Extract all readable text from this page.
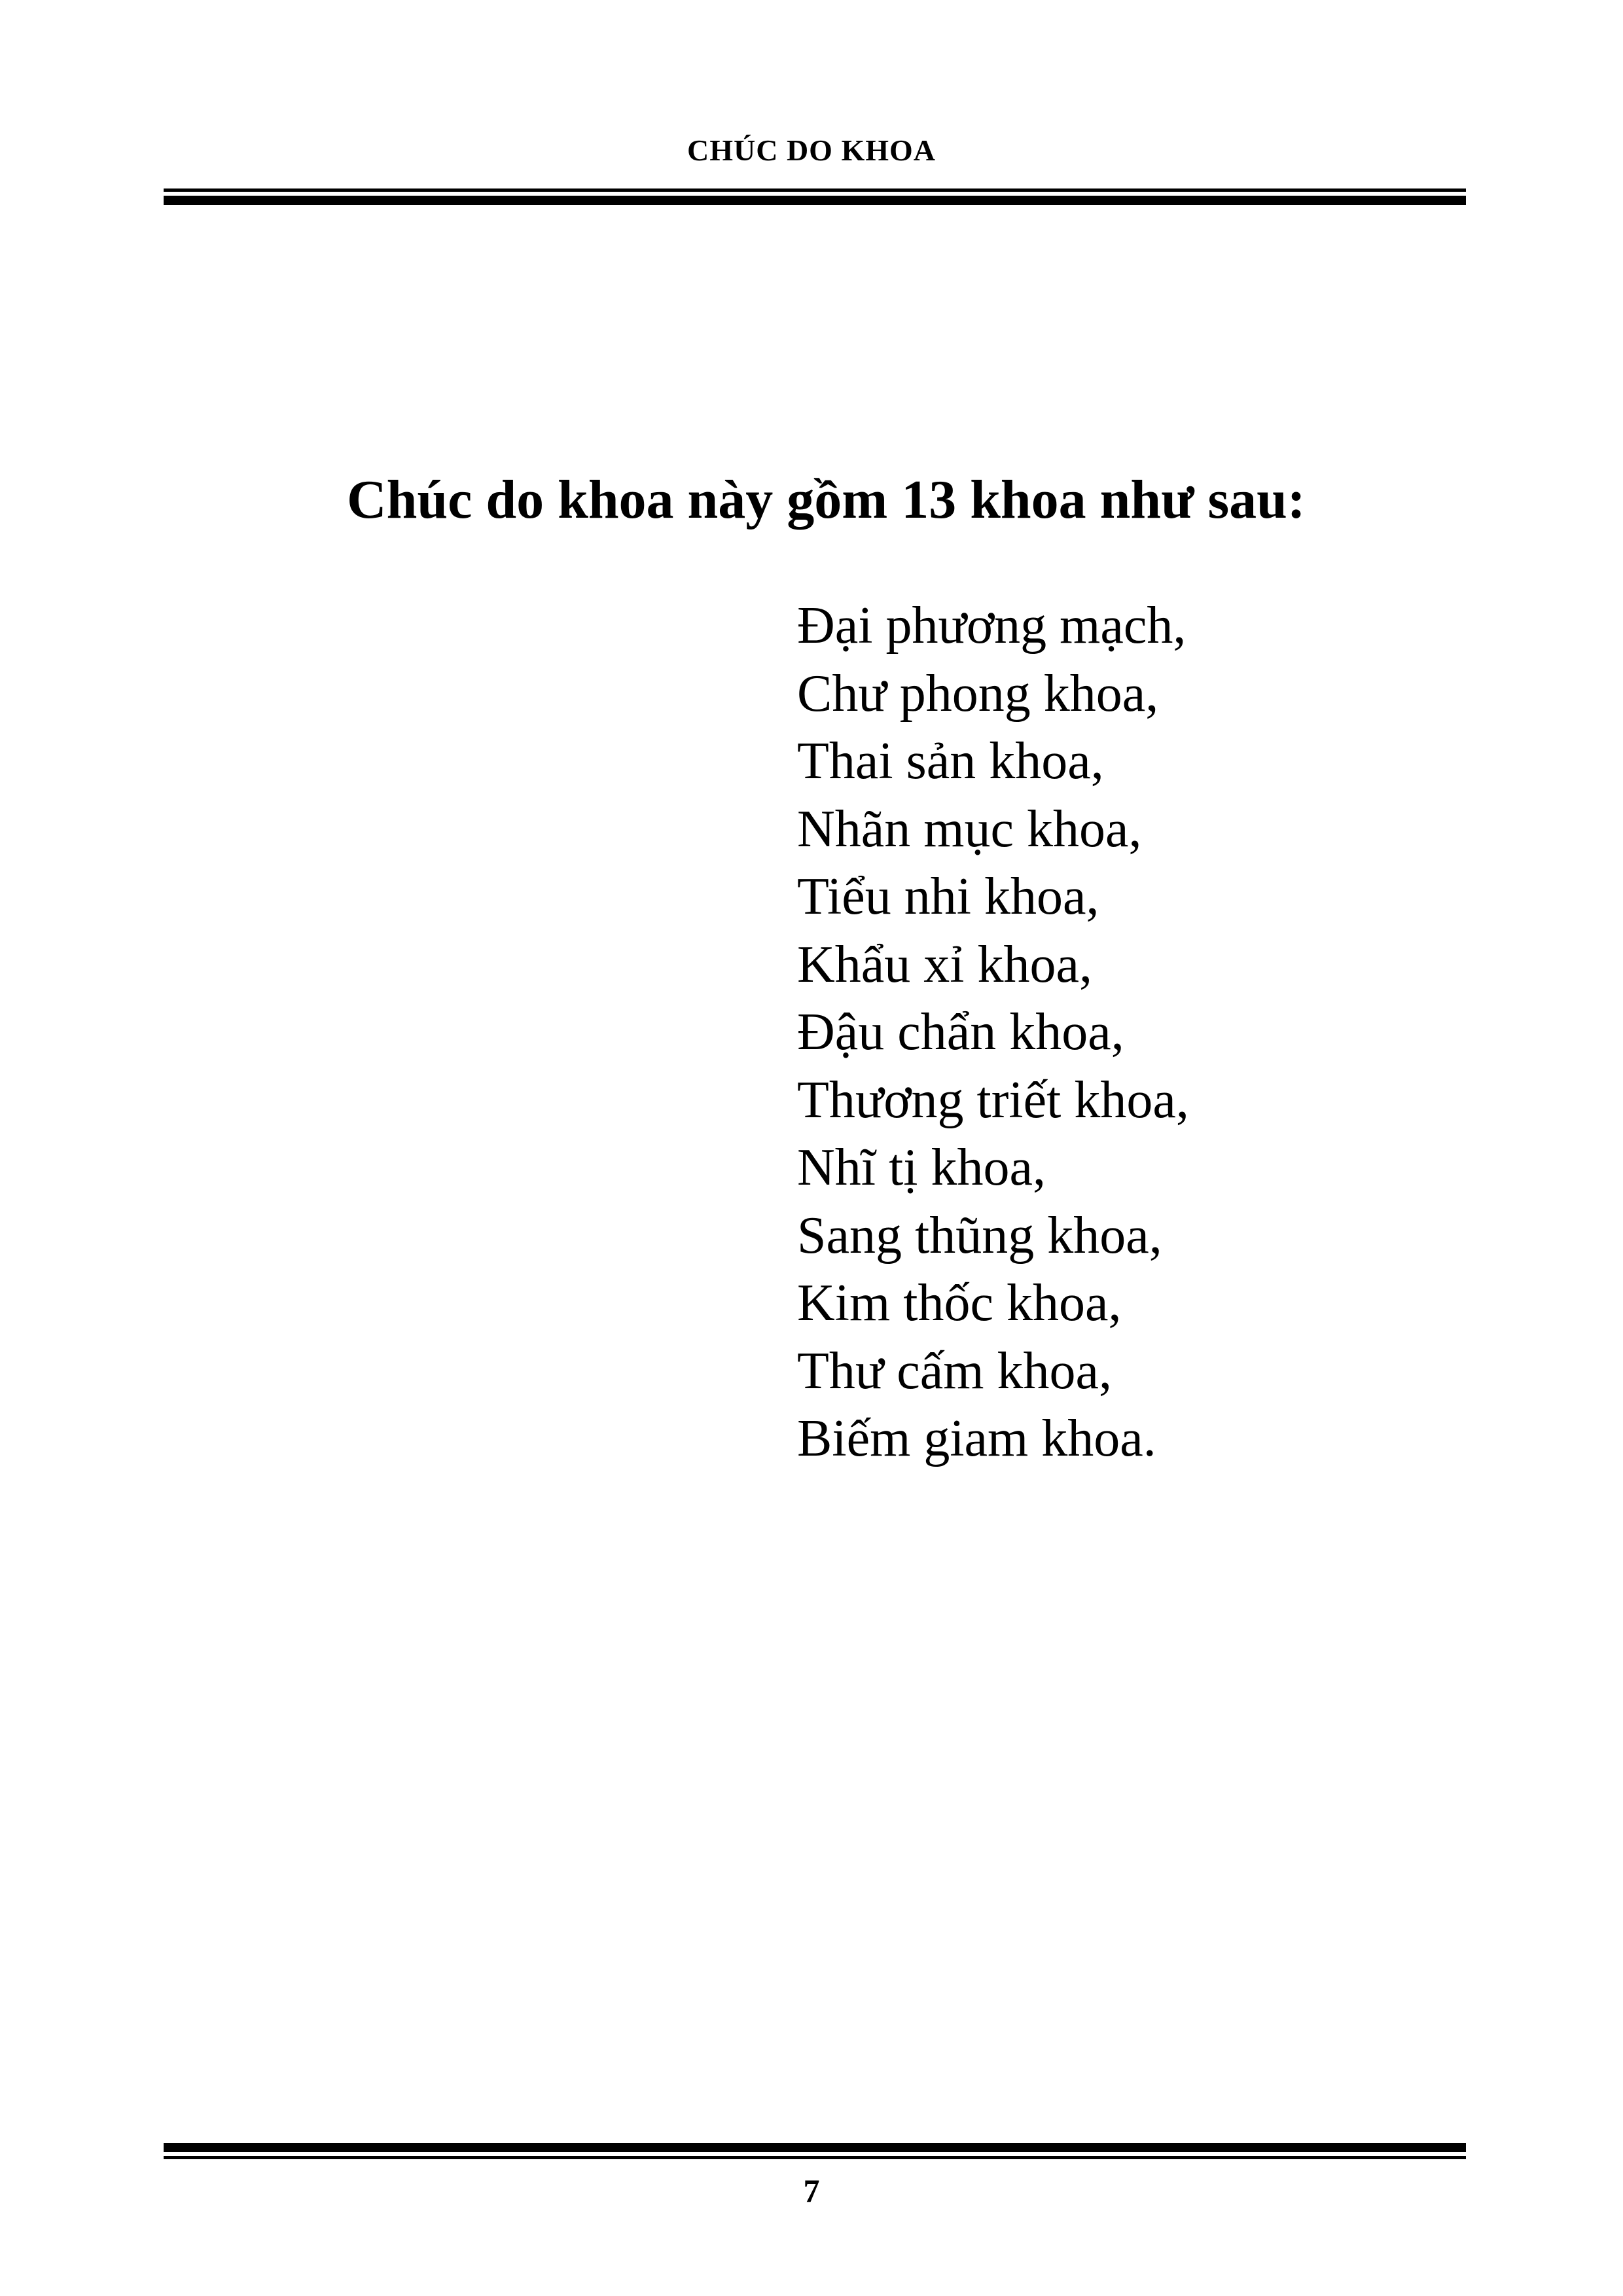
CHÚC DO KHOA
Chúc do khoa này gồm 13 khoa như sau:
Đại phương mạch,
Chư phong khoa,
Thai sản khoa,
Nhãn mục khoa,
Tiểu nhi khoa,
Khẩu xỉ khoa,
Đậu chẩn khoa,
Thương triết khoa,
Nhĩ tị khoa,
Sang thũng khoa,
Kim thốc khoa,
Thư cấm khoa,
Biếm giam khoa.
7
